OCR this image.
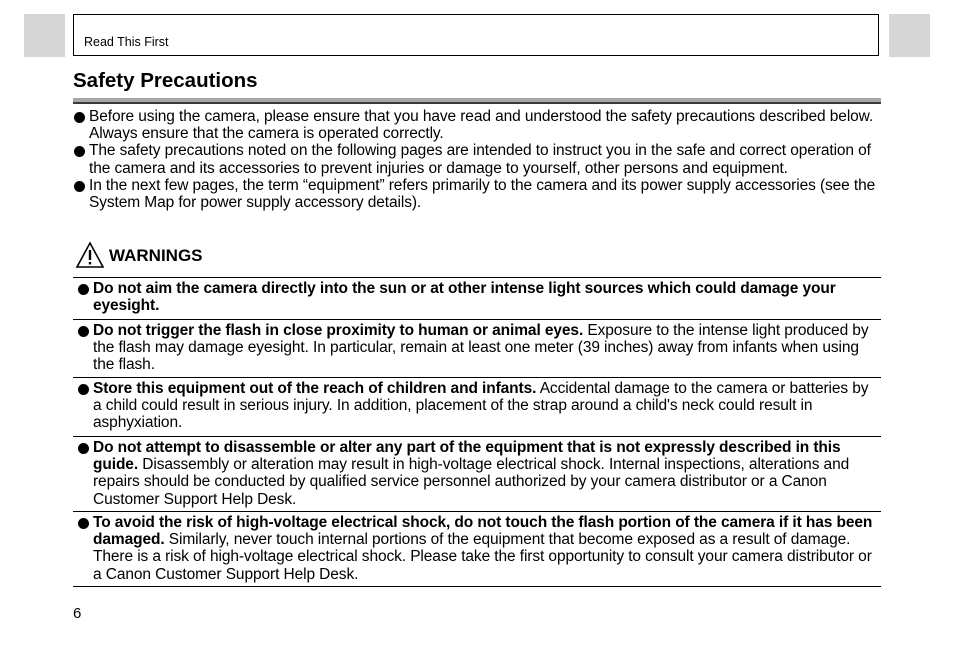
Read This First
Safety Precautions
Before using the camera, please ensure that you have read and understood the safety precautions described below. Always ensure that the camera is operated correctly.
The safety precautions noted on the following pages are intended to instruct you in the safe and correct operation of the camera and its accessories to prevent injuries or damage to yourself, other persons and equipment.
In the next few pages, the term “equipment” refers primarily to the camera and its power supply accessories (see the System Map for power supply accessory details).
WARNINGS
Do not aim the camera directly into the sun or at other intense light sources which could damage your eyesight.
Do not trigger the flash in close proximity to human or animal eyes. Exposure to the intense light produced by the flash may damage eyesight. In particular, remain at least one meter (39 inches) away from infants when using the flash.
Store this equipment out of the reach of children and infants. Accidental damage to the camera or batteries by a child could result in serious injury. In addition, placement of the strap around a child's neck could result in asphyxiation.
Do not attempt to disassemble or alter any part of the equipment that is not expressly described in this guide. Disassembly or alteration may result in high-voltage electrical shock. Internal inspections, alterations and repairs should be conducted by qualified service personnel authorized by your camera distributor or a Canon Customer Support Help Desk.
To avoid the risk of high-voltage electrical shock, do not touch the flash portion of the camera if it has been damaged. Similarly, never touch internal portions of the equipment that become exposed as a result of damage. There is a risk of high-voltage electrical shock. Please take the first opportunity to consult your camera distributor or a Canon Customer Support Help Desk.
6
